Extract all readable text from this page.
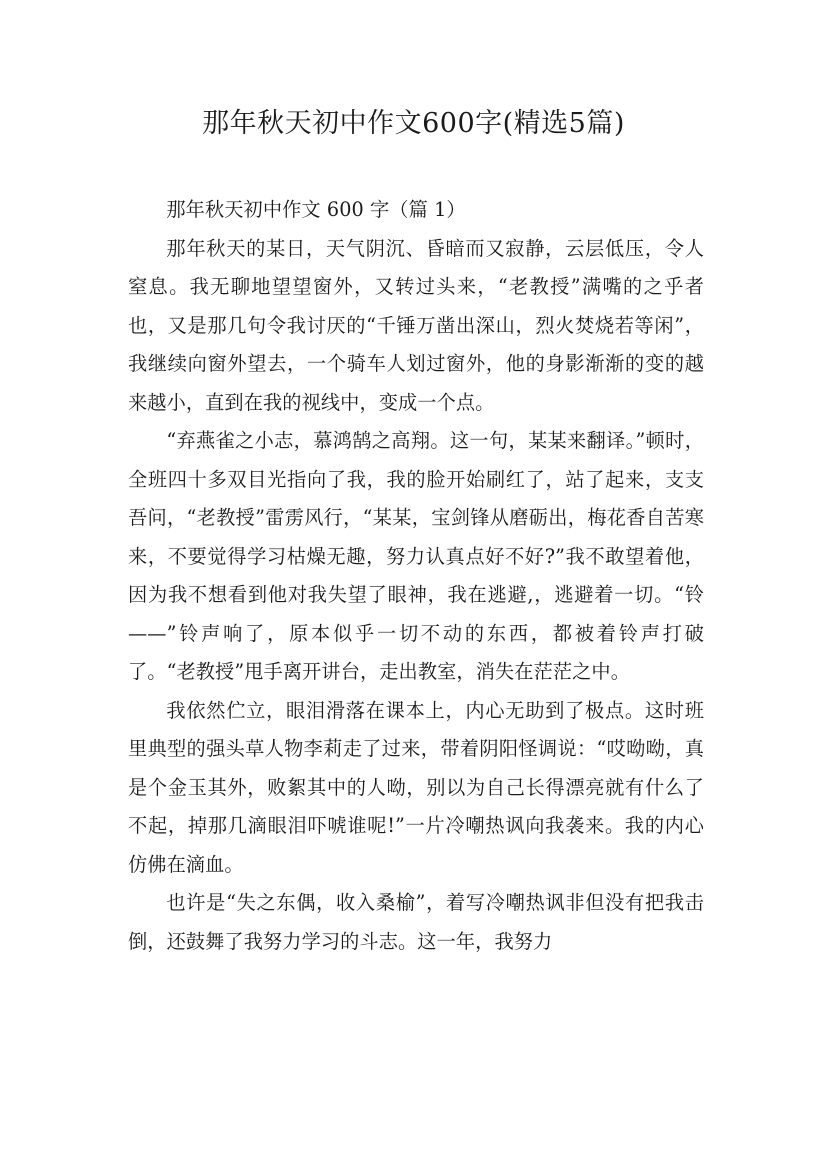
那年秋天初中作文600字(精选5篇)

那年秋天初中作文 600 字（篇 1）

那年秋天的某日，天气阴沉、昏暗而又寂静，云层低压，令人窒息。我无聊地望望窗外，又转过头来，“老教授”满嘴的之乎者也，又是那几句令我讨厌的“千锤万凿出深山，烈火焚烧若等闲”，我继续向窗外望去，一个骑车人划过窗外，他的身影渐渐的变的越来越小，直到在我的视线中，变成一个点。

“弃燕雀之小志，慕鸿鹄之高翔。这一句，某某来翻译。”顿时，全班四十多双目光指向了我，我的脸开始刷红了，站了起来，支支吾问，“老教授”雷雳风行，“某某，宝剑锋从磨砺出，梅花香自苦寒来，不要觉得学习枯燥无趣，努力认真点好不好?”我不敢望着他，因为我不想看到他对我失望了眼神，我在逃避,，逃避着一切。“铃——”铃声响了，原本似乎一切不动的东西，都被着铃声打破了。“老教授”甩手离开讲台，走出教室，消失在茫茫之中。

我依然伫立，眼泪滑落在课本上，内心无助到了极点。这时班里典型的强头草人物李莉走了过来，带着阴阳怪调说：“哎呦呦，真是个金玉其外，败絮其中的人呦，别以为自己长得漂亮就有什么了不起，掉那几滴眼泪吓唬谁呢!”一片冷嘲热讽向我袭来。我的内心仿佛在滴血。

也许是“失之东偶，收入桑榆”，着写冷嘲热讽非但没有把我击倒，还鼓舞了我努力学习的斗志。这一年，我努力
